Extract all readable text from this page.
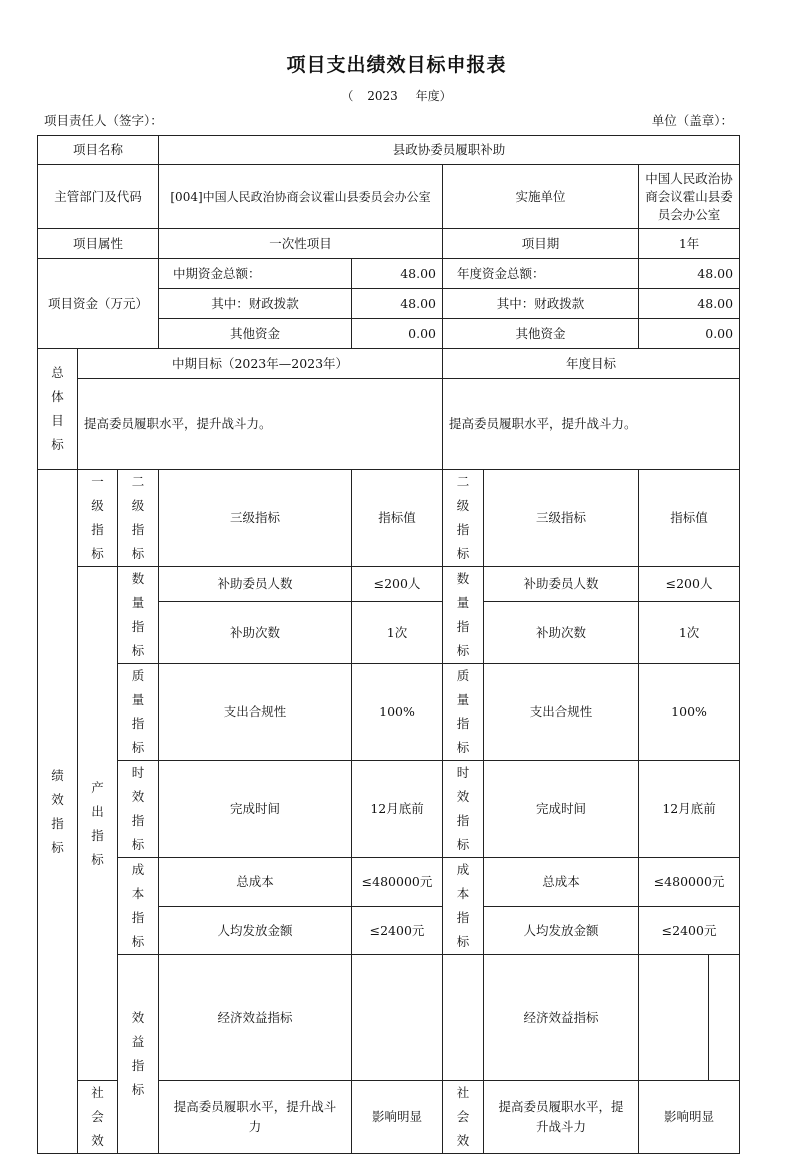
项目支出绩效目标申报表
（ 2023 年度）
项目责任人（签字）：	单位（盖章）：
项目名称			县政协委员履职补助					
主管部门及代码			[004]中国人民政治协商会议霍山县委员会办公室		实施单位		中国人民政治协商会议霍山县委员会办公室	
项目属性			一次性项目		项目期		1年	
项目资金（万元）			中期资金总额：	48.00	年度资金总额：		48.00	
			其中：财政拨款	48.00	其中：财政拨款		48.00	
			其他资金	0.00	其他资金		0.00	
总体目标	中期目标（2023年—2023年）				年度目标			
	提高委员履职水平，提升战斗力。				提高委员履职水平，提升战斗力。			
绩效指标	一级指标	二级指标	三级指标	指标值	二级指标	三级指标	指标值	
	产出指标	数量指标	补助委员人数	≤200人	数量指标	补助委员人数	≤200人	
			补助次数	1次		补助次数	1次	
		质量指标	支出合规性	100%	质量指标	支出合规性	100%	
		时效指标	完成时间	12月底前	时效指标	完成时间	12月底前	
		成本指标	总成本	≤480000元	成本指标	总成本	≤480000元	
			人均发放金额	≤2400元		人均发放金额	≤2400元	
		效益指标	经济效益指标			经济效益指标		
	社会效		提高委员履职水平，提升战斗力	影响明显	社会效	提高委员履职水平，提升战斗力	影响明显	
